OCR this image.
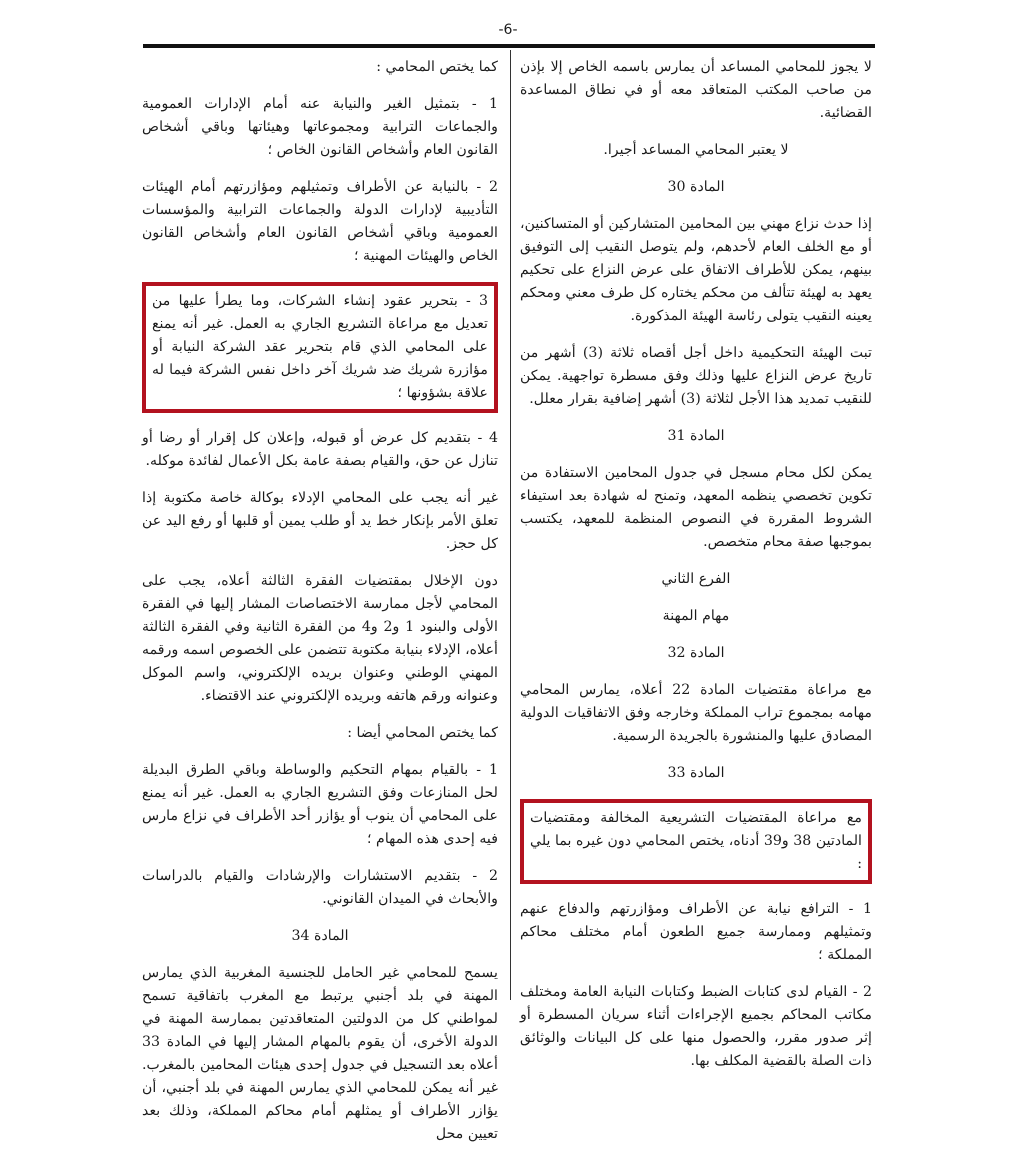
-6-

لا يجوز للمحامي المساعد أن يمارس باسمه الخاص إلا بإذن من صاحب المكتب المتعاقد معه أو في نطاق المساعدة القضائية.

لا يعتبر المحامي المساعد أجيرا.

المادة 30

إذا حدث نزاع مهني بين المحامين المتشاركين أو المتساكنين، أو مع الخلف العام لأحدهم، ولم يتوصل النقيب إلى التوفيق بينهم، يمكن للأطراف الاتفاق على عرض النزاع على تحكيم يعهد به لهيئة تتألف من محكم يختاره كل طرف معني ومحكم يعينه النقيب يتولى رئاسة الهيئة المذكورة.

تبت الهيئة التحكيمية داخل أجل أقصاه ثلاثة (3) أشهر من تاريخ عرض النزاع عليها وذلك وفق مسطرة تواجهية. يمكن للنقيب تمديد هذا الأجل لثلاثة (3) أشهر إضافية بقرار معلل.

المادة 31

يمكن لكل محام مسجل في جدول المحامين الاستفادة من تكوين تخصصي ينظمه المعهد، وتمنح له شهادة بعد استيفاء الشروط المقررة في النصوص المنظمة للمعهد، يكتسب بموجبها صفة محام متخصص.

الفرع الثاني

مهام المهنة

المادة 32

مع مراعاة مقتضيات المادة 22 أعلاه، يمارس المحامي مهامه بمجموع تراب المملكة وخارجه وفق الاتفاقيات الدولية المصادق عليها والمنشورة بالجريدة الرسمية.

المادة 33

مع مراعاة المقتضيات التشريعية المخالفة ومقتضيات المادتين 38 و39 أدناه، يختص المحامي دون غيره بما يلي :

1 - الترافع نيابة عن الأطراف ومؤازرتهم والدفاع عنهم وتمثيلهم وممارسة جميع الطعون أمام مختلف محاكم المملكة ؛

2 - القيام لدى كتابات الضبط وكتابات النيابة العامة ومختلف مكاتب المحاكم بجميع الإجراءات أثناء سريان المسطرة أو إثر صدور مقرر، والحصول منها على كل البيانات والوثائق ذات الصلة بالقضية المكلف بها.

كما يختص المحامي :

1 - بتمثيل الغير والنيابة عنه أمام الإدارات العمومية والجماعات الترابية ومجموعاتها وهيئاتها وباقي أشخاص القانون العام وأشخاص القانون الخاص ؛

2 - بالنيابة عن الأطراف وتمثيلهم ومؤازرتهم أمام الهيئات التأديبية لإدارات الدولة والجماعات الترابية والمؤسسات العمومية وباقي أشخاص القانون العام وأشخاص القانون الخاص والهيئات المهنية ؛

3 - بتحرير عقود إنشاء الشركات، وما يطرأ عليها من تعديل مع مراعاة التشريع الجاري به العمل. غير أنه يمنع على المحامي الذي قام بتحرير عقد الشركة النيابة أو مؤازرة شريك ضد شريك آخر داخل نفس الشركة فيما له علاقة بشؤونها ؛

4 - بتقديم كل عرض أو قبوله، وإعلان كل إقرار أو رضا أو تنازل عن حق، والقيام بصفة عامة بكل الأعمال لفائدة موكله.

غير أنه يجب على المحامي الإدلاء بوكالة خاصة مكتوبة إذا تعلق الأمر بإنكار خط يد أو طلب يمين أو قلبها أو رفع اليد عن كل حجز.

دون الإخلال بمقتضيات الفقرة الثالثة أعلاه، يجب على المحامي لأجل ممارسة الاختصاصات المشار إليها في الفقرة الأولى والبنود 1 و2 و4 من الفقرة الثانية وفي الفقرة الثالثة أعلاه، الإدلاء بنيابة مكتوبة تتضمن على الخصوص اسمه ورقمه المهني الوطني وعنوان بريده الإلكتروني، واسم الموكل وعنوانه ورقم هاتفه وبريده الإلكتروني عند الاقتضاء.

كما يختص المحامي أيضا :

1 - بالقيام بمهام التحكيم والوساطة وباقي الطرق البديلة لحل المنازعات وفق التشريع الجاري به العمل. غير أنه يمنع على المحامي أن ينوب أو يؤازر أحد الأطراف في نزاع مارس فيه إحدى هذه المهام ؛

2 - بتقديم الاستشارات والإرشادات والقيام بالدراسات والأبحاث في الميدان القانوني.

المادة 34

يسمح للمحامي غير الحامل للجنسية المغربية الذي يمارس المهنة في بلد أجنبي يرتبط مع المغرب باتفاقية تسمح لمواطني كل من الدولتين المتعاقدتين بممارسة المهنة في الدولة الأخرى، أن يقوم بالمهام المشار إليها في المادة 33 أعلاه بعد التسجيل في جدول إحدى هيئات المحامين بالمغرب. غير أنه يمكن للمحامي الذي يمارس المهنة في بلد أجنبي، أن يؤازر الأطراف أو يمثلهم أمام محاكم المملكة، وذلك بعد تعيين محل
